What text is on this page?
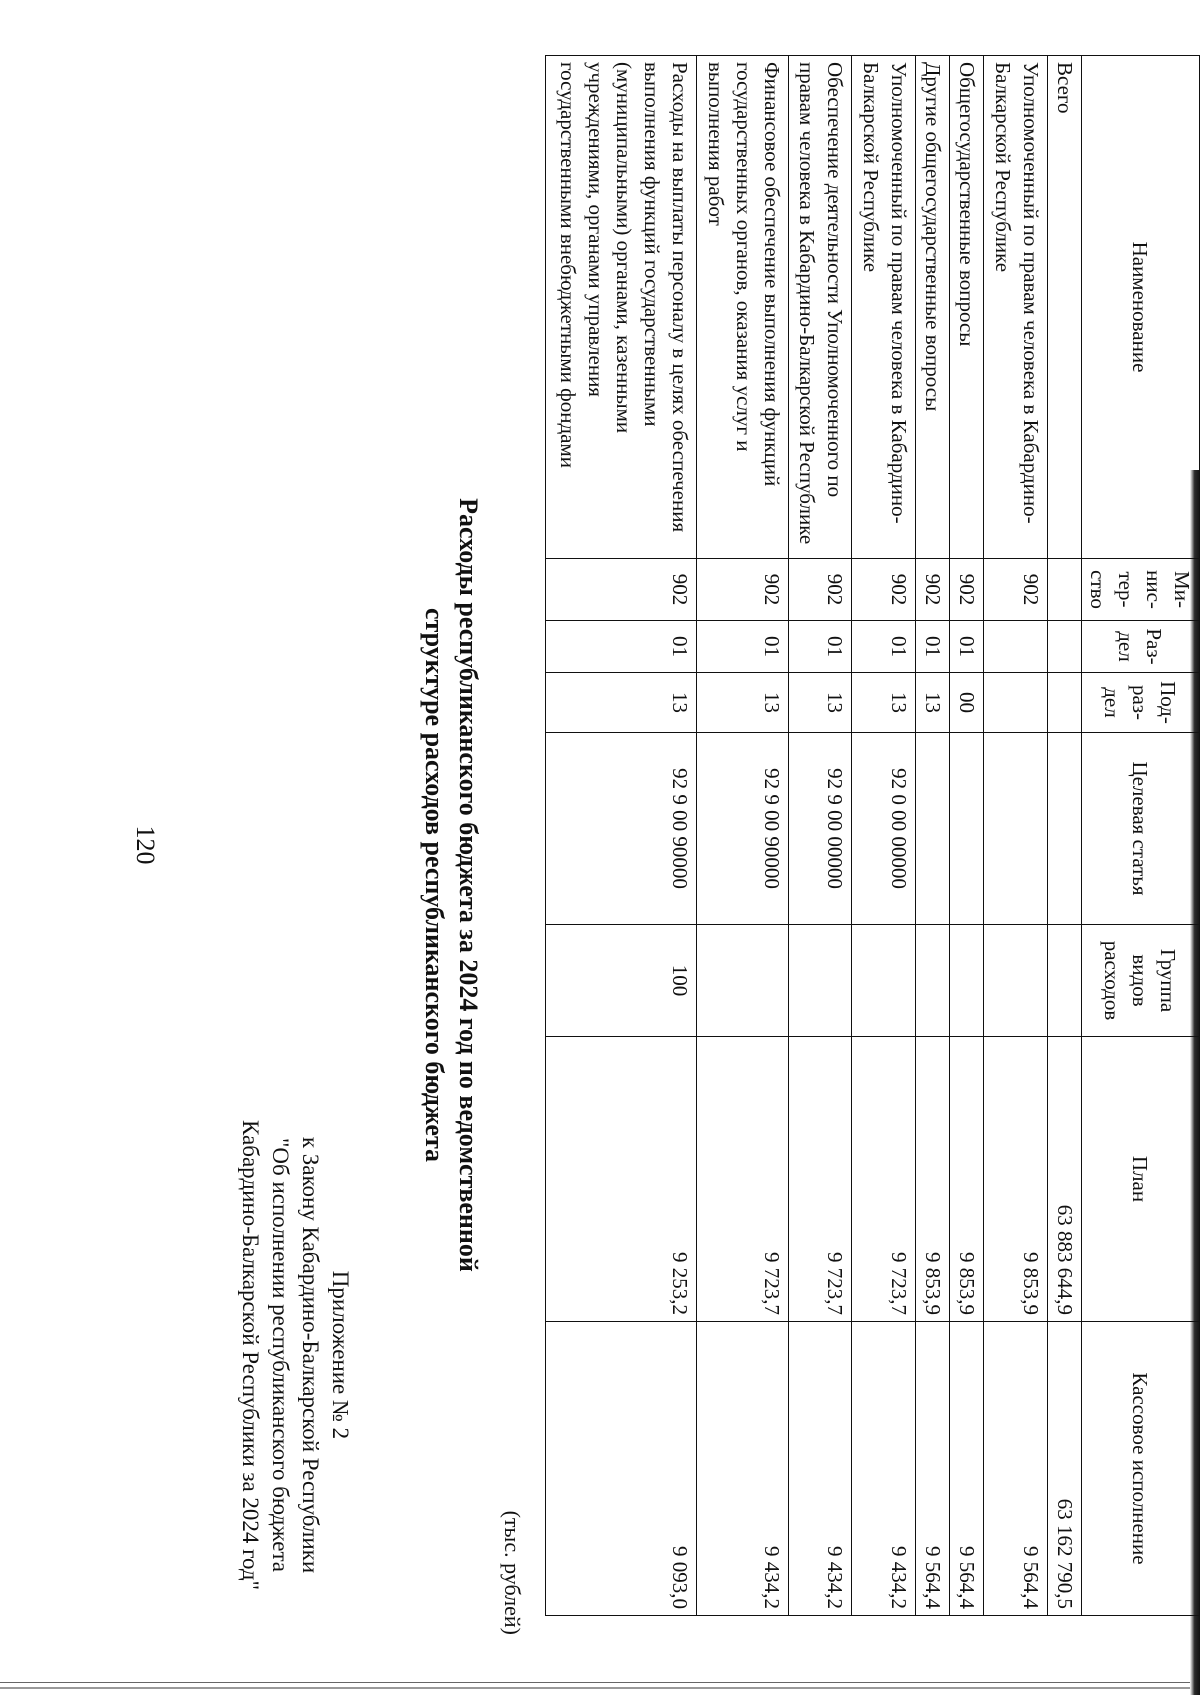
120
Приложение № 2
к Закону Кабардино-Балкарской Республики
"Об исполнении республиканского бюджета
Кабардино-Балкарской Республики за 2024 год"
Расходы республиканского бюджета за 2024 год по ведомственной
структуре расходов республиканского бюджета
(тыс. рублей)
Наименование	Ми-нис-тер-ство	Раз-дел	Под-раз-дел	Целевая статья	Группа видов расходов	План	Кассовое исполнение
Всего						63 883 644,9	63 162 790,5
Уполномоченный по правам человека в Кабардино-Балкарской Республике	902					9 853,9	9 564,4
Общегосударственные вопросы	902	01	00			9 853,9	9 564,4
Другие общегосударственные вопросы	902	01	13			9 853,9	9 564,4
Уполномоченный по правам человека в Кабардино-Балкарской Республике	902	01	13	92 0 00 00000		9 723,7	9 434,2
Обеспечение деятельности Уполномоченного по правам человека в Кабардино-Балкарской Республике	902	01	13	92 9 00 00000		9 723,7	9 434,2
Финансовое обеспечение выполнения функций государственных органов, оказания услуг и выполнения работ	902	01	13	92 9 00 90000		9 723,7	9 434,2
Расходы на выплаты персоналу в целях обеспечения выполнения функций государственными (муниципальными) органами, казенными учреждениями, органами управления государственными внебюджетными фондами	902	01	13	92 9 00 90000	100	9 253,2	9 093,0
